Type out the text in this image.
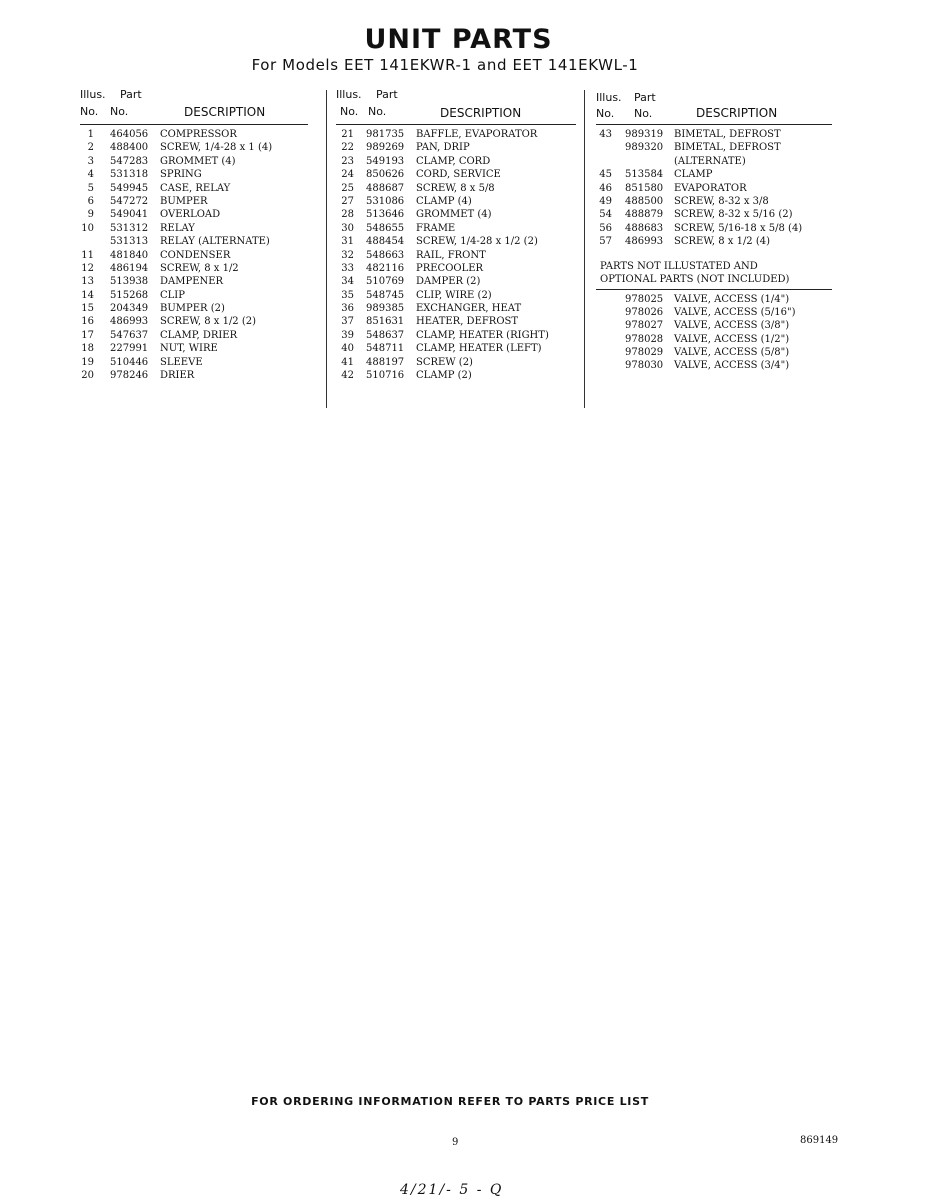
UNIT PARTS
For Models EET 141EKWR-1 and EET 141EKWL-1
Illus. Part
No. No.	DESCRIPTION
1 464056 COMPRESSOR
2 488400 SCREW, 1/4-28 x 1 (4)
3 547283 GROMMET (4)
4 531318 SPRING
5 549945 CASE, RELAY
6 547272 BUMPER
9 549041 OVERLOAD
10 531312 RELAY
531313 RELAY (ALTERNATE)
11 481840 CONDENSER
12 486194 SCREW, 8 x 1/2
13 513938 DAMPENER
14 515268 CLIP
15 204349 BUMPER (2)
16 486993 SCREW, 8 x 1/2 (2)
17 547637 CLAMP, DRIER
18 227991 NUT, WIRE
19 510446 SLEEVE
20 978246 DRIER
Illus. Part
No. No.	DESCRIPTION
21 981735 BAFFLE, EVAPORATOR
22 989269 PAN, DRIP
23 549193 CLAMP, CORD
24 850626 CORD, SERVICE
25 488687 SCREW, 8 x 5/8
27 531086 CLAMP (4)
28 513646 GROMMET (4)
30 548655 FRAME
31 488454 SCREW, 1/4-28 x 1/2 (2)
32 548663 RAIL, FRONT
33 482116 PRECOOLER
34 510769 DAMPER (2)
35 548745 CLIP, WIRE (2)
36 989385 EXCHANGER, HEAT
37 851631 HEATER, DEFROST
39 548637 CLAMP, HEATER (RIGHT)
40 548711 CLAMP, HEATER (LEFT)
41 488197 SCREW (2)
42 510716 CLAMP (2)
Illus. Part
No. No.	DESCRIPTION
43 989319 BIMETAL, DEFROST
989320 BIMETAL, DEFROST
(ALTERNATE)
45 513584 CLAMP
46 851580 EVAPORATOR
49 488500 SCREW, 8-32 x 3/8
54 488879 SCREW, 8-32 x 5/16 (2)
56 488683 SCREW, 5/16-18 x 5/8 (4)
57 486993 SCREW, 8 x 1/2 (4)
PARTS NOT ILLUSTATED AND
OPTIONAL PARTS (NOT INCLUDED)
978025 VALVE, ACCESS (1/4")
978026 VALVE, ACCESS (5/16")
978027 VALVE, ACCESS (3/8")
978028 VALVE, ACCESS (1/2")
978029 VALVE, ACCESS (5/8")
978030 VALVE, ACCESS (3/4")
FOR ORDERING INFORMATION REFER TO PARTS PRICE LIST
9	869149
4/21/- 5 - Q
